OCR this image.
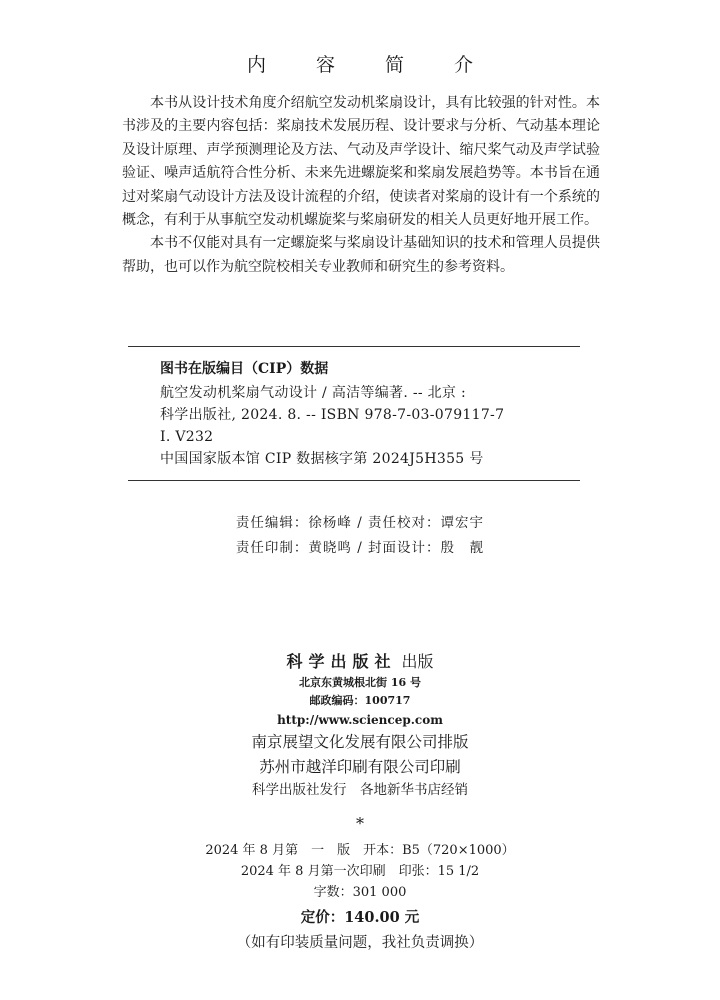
内 容 简 介

本书从设计技术角度介绍航空发动机桨扇设计，具有比较强的针对性。本书涉及的主要内容包括：桨扇技术发展历程、设计要求与分析、气动基本理论及设计原理、声学预测理论及方法、气动及声学设计、缩尺桨气动及声学试验验证、噪声适航符合性分析、未来先进螺旋桨和桨扇发展趋势等。本书旨在通过对桨扇气动设计方法及设计流程的介绍，使读者对桨扇的设计有一个系统的概念，有利于从事航空发动机螺旋桨与桨扇研发的相关人员更好地开展工作。

本书不仅能对具有一定螺旋桨与桨扇设计基础知识的技术和管理人员提供帮助，也可以作为航空院校相关专业教师和研究生的参考资料。

图书在版编目（CIP）数据
航空发动机桨扇气动设计 / 高洁等编著. -- 北京 :
科学出版社, 2024. 8. -- ISBN 978-7-03-079117-7
Ⅰ. V232
中国国家版本馆 CIP 数据核字第 2024J5H355 号
责任编辑：徐杨峰 / 责任校对：谭宏宇
责任印制：黄晓鸣 / 封面设计：殷　靓
科学出版社 出版
北京东黄城根北街 16 号
邮政编码：100717
http://www.sciencep.com
南京展望文化发展有限公司排版
苏州市越洋印刷有限公司印刷
科学出版社发行　各地新华书店经销
*
2024 年 8 月第　一　版　开本：B5（720×1000）
2024 年 8 月第一次印刷　印张：15 1/2
字数：301 000
定价：140.00 元
（如有印装质量问题，我社负责调换）
